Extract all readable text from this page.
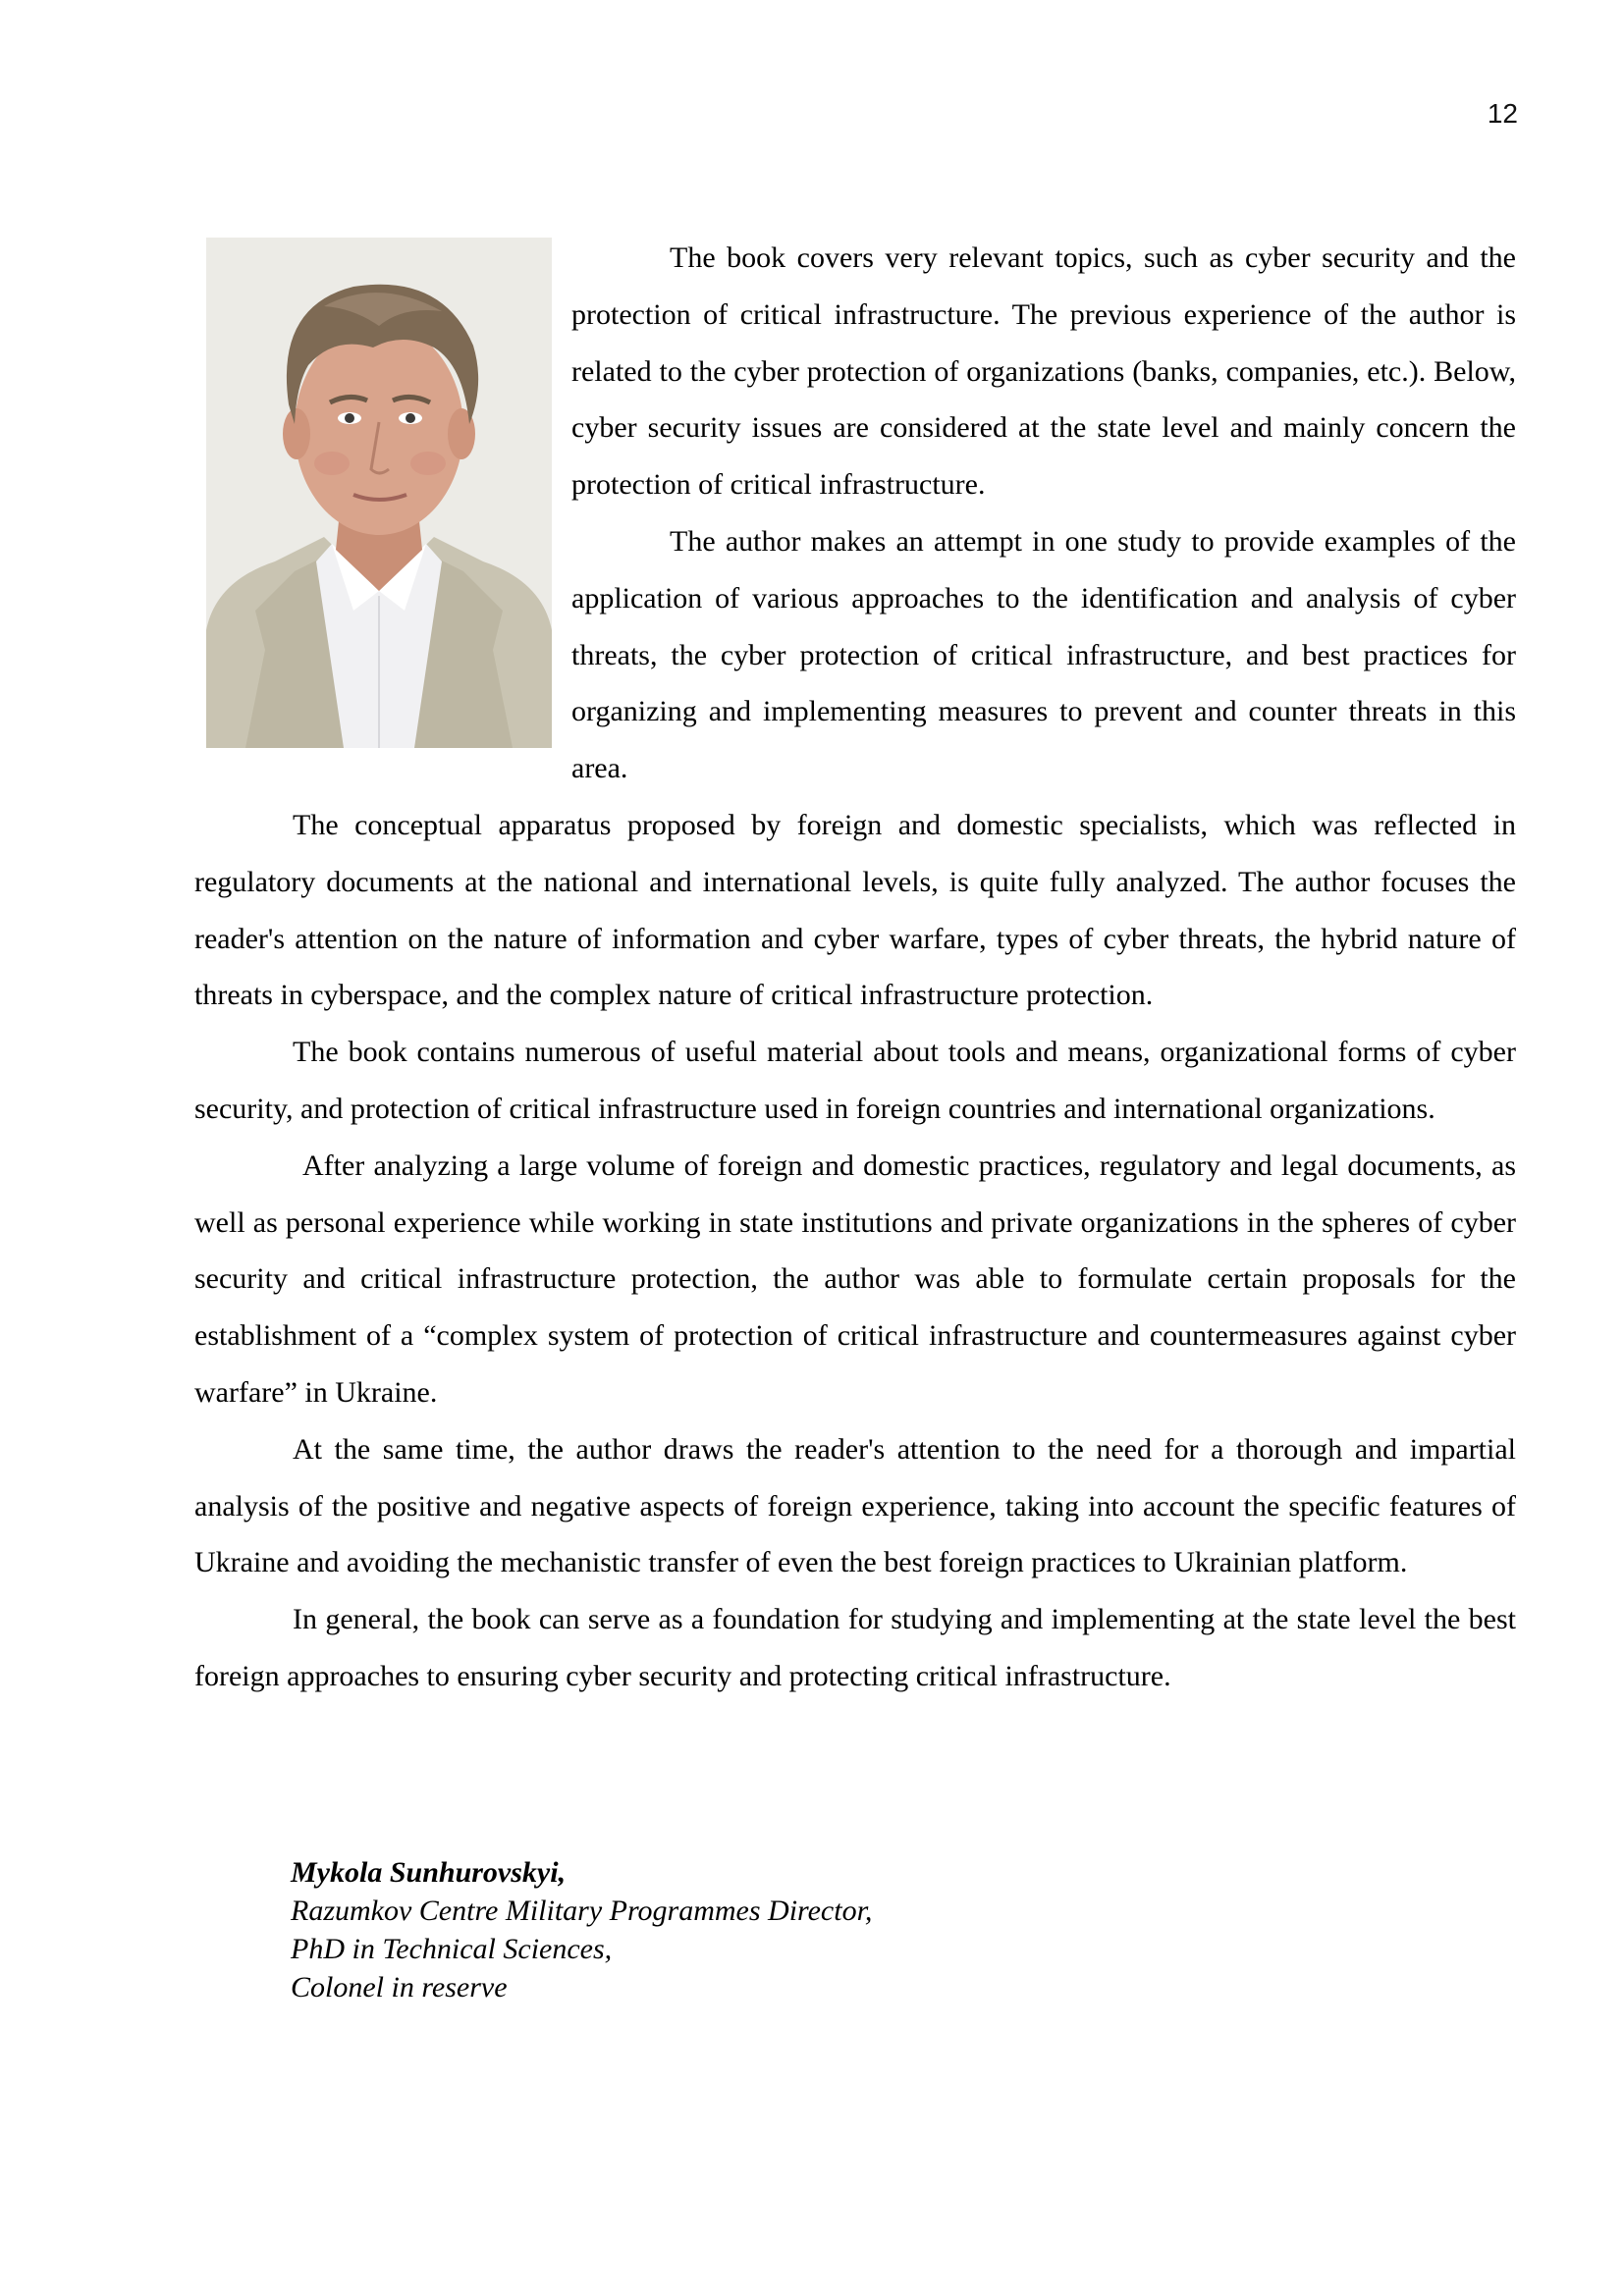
12

The book covers very relevant topics, such as cyber security and the protection of critical infrastructure. The previous experience of the author is related to the cyber protection of organizations (banks, companies, etc.). Below, cyber security issues are considered at the state level and mainly concern the protection of critical infrastructure.

The author makes an attempt in one study to provide examples of the application of various approaches to the identification and analysis of cyber threats, the cyber protection of critical infrastructure, and best practices for organizing and implementing measures to prevent and counter threats in this area.

The conceptual apparatus proposed by foreign and domestic specialists, which was reflected in regulatory documents at the national and international levels, is quite fully analyzed. The author focuses the reader's attention on the nature of information and cyber warfare, types of cyber threats, the hybrid nature of threats in cyberspace, and the complex nature of critical infrastructure protection.

The book contains numerous of useful material about tools and means, organizational forms of cyber security, and protection of critical infrastructure used in foreign countries and international organizations.

After analyzing a large volume of foreign and domestic practices, regulatory and legal documents, as well as personal experience while working in state institutions and private organizations in the spheres of cyber security and critical infrastructure protection, the author was able to formulate certain proposals for the establishment of a “complex system of protection of critical infrastructure and countermeasures against cyber warfare” in Ukraine.

At the same time, the author draws the reader's attention to the need for a thorough and impartial analysis of the positive and negative aspects of foreign experience, taking into account the specific features of Ukraine and avoiding the mechanistic transfer of even the best foreign practices to Ukrainian platform.

In general, the book can serve as a foundation for studying and implementing at the state level the best foreign approaches to ensuring cyber security and protecting critical infrastructure.

Mykola Sunhurovskyi,
Razumkov Centre Military Programmes Director,
PhD in Technical Sciences,
Colonel in reserve
